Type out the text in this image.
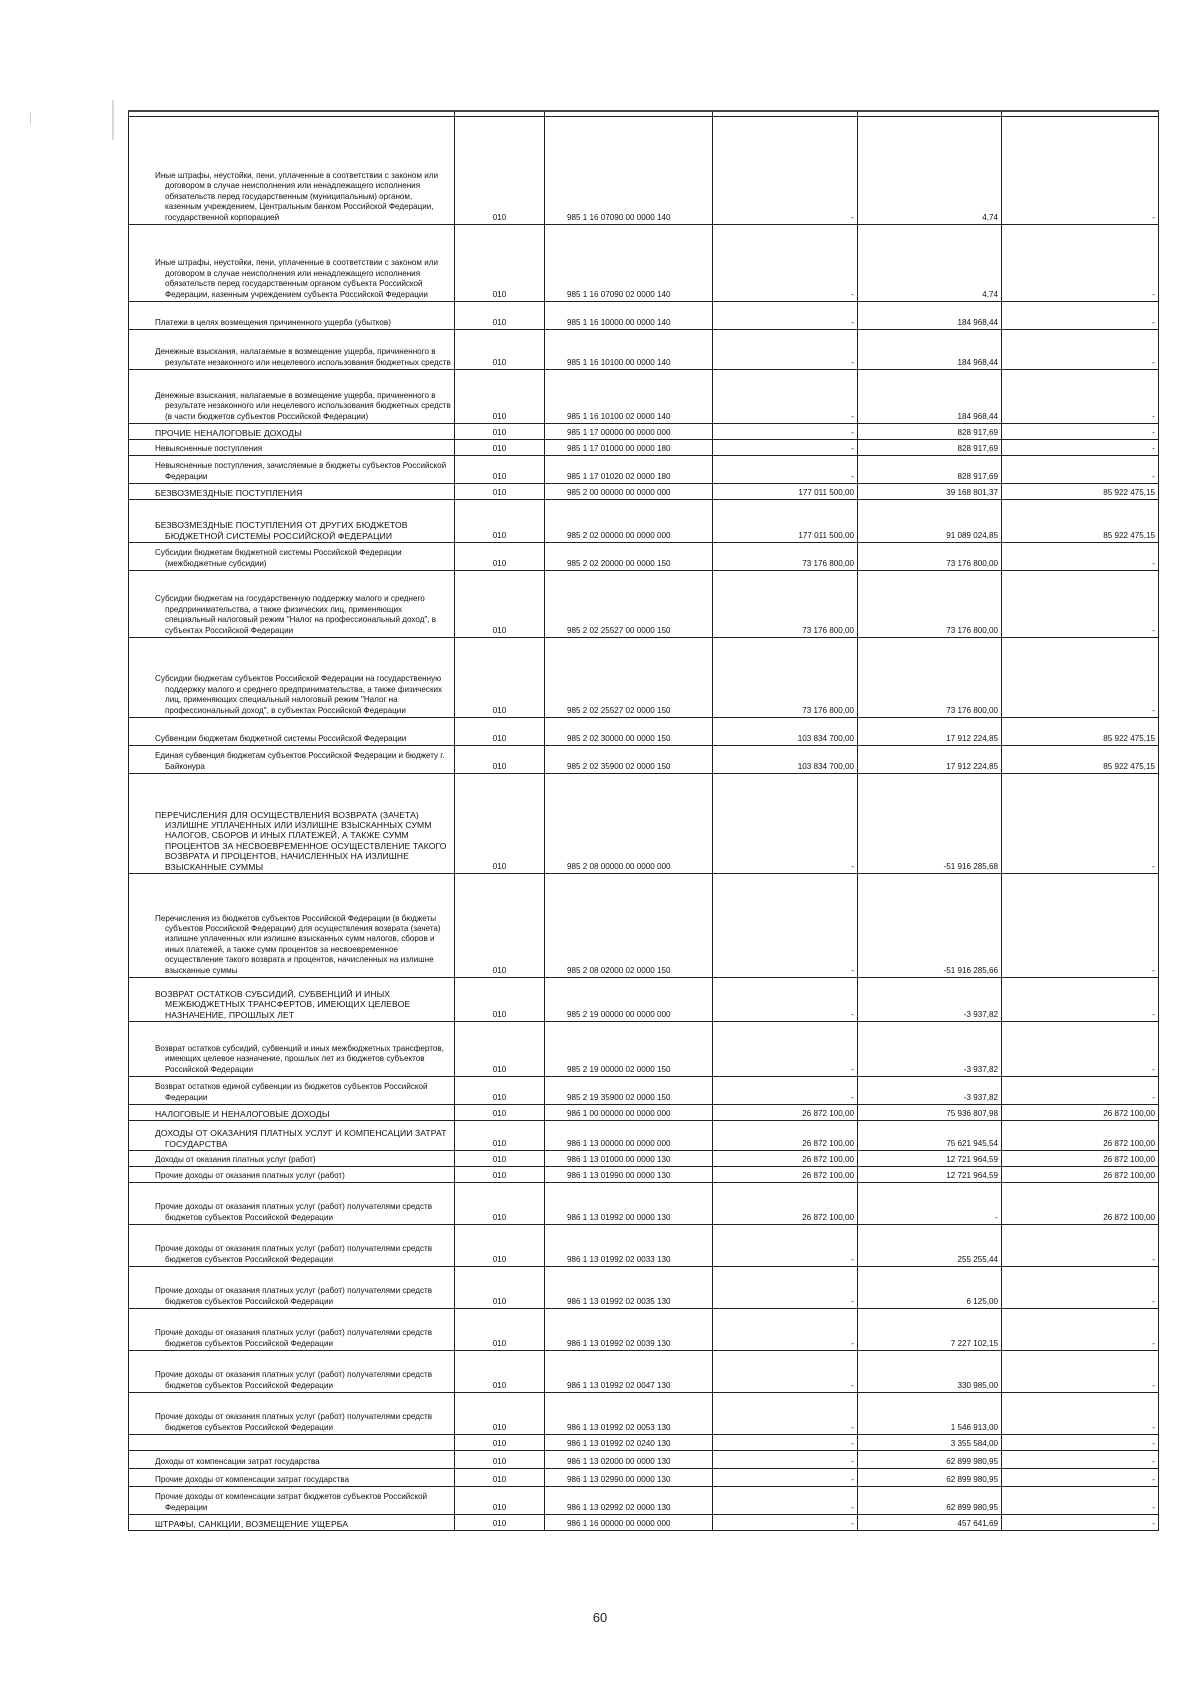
Иные штрафы, неустойки, пени, уплаченные в соответствии с законом или договором в случае неисполнения или ненадлежащего исполнения обязательств перед государственным (муниципальным) органом, казенным учреждением, Центральным банком Российской Федерации, государственной корпорацией	010	985 1 16 07090 00 0000 140	-	4,74	-
Иные штрафы, неустойки, пени, уплаченные в соответствии с законом или договором в случае неисполнения или ненадлежащего исполнения обязательств перед государственным органом субъекта Российской Федерации, казенным учреждением субъекта Российской Федерации	010	985 1 16 07090 02 0000 140	-	4,74	-
Платежи в целях возмещения причиненного ущерба (убытков)	010	985 1 16 10000 00 0000 140	-	184 968,44	-
Денежные взыскания, налагаемые в возмещение ущерба, причиненного в результате незаконного или нецелевого использования бюджетных средств	010	985 1 16 10100 00 0000 140	-	184 968,44	-
Денежные взыскания, налагаемые в возмещение ущерба, причиненного в результате незаконного или нецелевого использования бюджетных средств (в части бюджетов субъектов Российской Федерации)	010	985 1 16 10100 02 0000 140	-	184 968,44	-
ПРОЧИЕ НЕНАЛОГОВЫЕ ДОХОДЫ	010	985 1 17 00000 00 0000 000	-	828 917,69	-
Невыясненные поступления	010	985 1 17 01000 00 0000 180	-	828 917,69	-
Невыясненные поступления, зачисляемые в бюджеты субъектов Российской Федерации	010	985 1 17 01020 02 0000 180	-	828 917,69	-
БЕЗВОЗМЕЗДНЫЕ ПОСТУПЛЕНИЯ	010	985 2 00 00000 00 0000 000	177 011 500,00	39 168 801,37	85 922 475,15
БЕЗВОЗМЕЗДНЫЕ ПОСТУПЛЕНИЯ ОТ ДРУГИХ БЮДЖЕТОВ БЮДЖЕТНОЙ СИСТЕМЫ РОССИЙСКОЙ ФЕДЕРАЦИИ	010	985 2 02 00000 00 0000 000	177 011 500,00	91 089 024,85	85 922 475,15
Субсидии бюджетам бюджетной системы Российской Федерации (межбюджетные субсидии)	010	985 2 02 20000 00 0000 150	73 176 800,00	73 176 800,00	-
Субсидии бюджетам на государственную поддержку малого и среднего предпринимательства, а также физических лиц, применяющих специальный налоговый режим "Налог на профессиональный доход", в субъектах Российской Федерации	010	985 2 02 25527 00 0000 150	73 176 800,00	73 176 800,00	-
Субсидии бюджетам субъектов Российской Федерации на государственную поддержку малого и среднего предпринимательства, а также физических лиц, применяющих специальный налоговый режим "Налог на профессиональный доход", в субъектах Российской Федерации	010	985 2 02 25527 02 0000 150	73 176 800,00	73 176 800,00	-
Субвенции бюджетам бюджетной системы Российской Федерации	010	985 2 02 30000 00 0000 150	103 834 700,00	17 912 224,85	85 922 475,15
Единая субвенция бюджетам субъектов Российской Федерации и бюджету г. Байконура	010	985 2 02 35900 02 0000 150	103 834 700,00	17 912 224,85	85 922 475,15
ПЕРЕЧИСЛЕНИЯ ДЛЯ ОСУЩЕСТВЛЕНИЯ ВОЗВРАТА (ЗАЧЕТА) ИЗЛИШНЕ УПЛАЧЕННЫХ ИЛИ ИЗЛИШНЕ ВЗЫСКАННЫХ СУММ НАЛОГОВ, СБОРОВ И ИНЫХ ПЛАТЕЖЕЙ, А ТАКЖЕ СУММ ПРОЦЕНТОВ ЗА НЕСВОЕВРЕМЕННОЕ ОСУЩЕСТВЛЕНИЕ ТАКОГО ВОЗВРАТА И ПРОЦЕНТОВ, НАЧИСЛЕННЫХ НА ИЗЛИШНЕ ВЗЫСКАННЫЕ СУММЫ	010	985 2 08 00000 00 0000 000	-	-51 916 285,68	-
Перечисления из бюджетов субъектов Российской Федерации (в бюджеты субъектов Российской Федерации) для осуществления возврата (зачета) излишне уплаченных или излишне взысканных сумм налогов, сборов и иных платежей, а также сумм процентов за несвоевременное осуществление такого возврата и процентов, начисленных на излишне взысканные суммы	010	985 2 08 02000 02 0000 150	-	-51 916 285,66	-
ВОЗВРАТ ОСТАТКОВ СУБСИДИЙ, СУБВЕНЦИЙ И ИНЫХ МЕЖБЮДЖЕТНЫХ ТРАНСФЕРТОВ, ИМЕЮЩИХ ЦЕЛЕВОЕ НАЗНАЧЕНИЕ, ПРОШЛЫХ ЛЕТ	010	985 2 19 00000 00 0000 000	-	-3 937,82	-
Возврат остатков субсидий, субвенций и иных межбюджетных трансфертов, имеющих целевое назначение, прошлых лет из бюджетов субъектов Российской Федерации	010	985 2 19 00000 02 0000 150	-	-3 937,82	-
Возврат остатков единой субвенции из бюджетов субъектов Российской Федерации	010	985 2 19 35900 02 0000 150	-	-3 937,82	-
НАЛОГОВЫЕ И НЕНАЛОГОВЫЕ ДОХОДЫ	010	986 1 00 00000 00 0000 000	26 872 100,00	75 936 807,98	26 872 100,00
ДОХОДЫ ОТ ОКАЗАНИЯ ПЛАТНЫХ УСЛУГ И КОМПЕНСАЦИИ ЗАТРАТ ГОСУДАРСТВА	010	986 1 13 00000 00 0000 000	26 872 100,00	75 621 945,54	26 872 100,00
Доходы от оказания платных услуг (работ)	010	986 1 13 01000 00 0000 130	26 872 100,00	12 721 964,59	26 872 100,00
Прочие доходы от оказания платных услуг (работ)	010	986 1 13 01990 00 0000 130	26 872 100,00	12 721 964,59	26 872 100,00
Прочие доходы от оказания платных услуг (работ) получателями средств бюджетов субъектов Российской Федерации	010	986 1 13 01992 00 0000 130	26 872 100,00	-	26 872 100,00
Прочие доходы от оказания платных услуг (работ) получателями средств бюджетов субъектов Российской Федерации	010	986 1 13 01992 02 0033 130	-	255 255,44	-
Прочие доходы от оказания платных услуг (работ) получателями средств бюджетов субъектов Российской Федерации	010	986 1 13 01992 02 0035 130	-	6 125,00	-
Прочие доходы от оказания платных услуг (работ) получателями средств бюджетов субъектов Российской Федерации	010	986 1 13 01992 02 0039 130	-	7 227 102,15	-
Прочие доходы от оказания платных услуг (работ) получателями средств бюджетов субъектов Российской Федерации	010	986 1 13 01992 02 0047 130	-	330 985,00	-
Прочие доходы от оказания платных услуг (работ) получателями средств бюджетов субъектов Российской Федерации	010	986 1 13 01992 02 0053 130	-	1 546 913,00	-
	010	986 1 13 01992 02 0240 130	-	3 355 584,00	-
Доходы от компенсации затрат государства	010	986 1 13 02000 00 0000 130	-	62 899 980,95	-
Прочие доходы от компенсации затрат государства	010	986 1 13 02990 00 0000 130	-	62 899 980,95	-
Прочие доходы от компенсации затрат бюджетов субъектов Российской Федерации	010	986 1 13 02992 02 0000 130	-	62 899 980,95	-
ШТРАФЫ, САНКЦИИ, ВОЗМЕЩЕНИЕ УЩЕРБА	010	986 1 16 00000 00 0000 000	-	457 641,69	-
60
